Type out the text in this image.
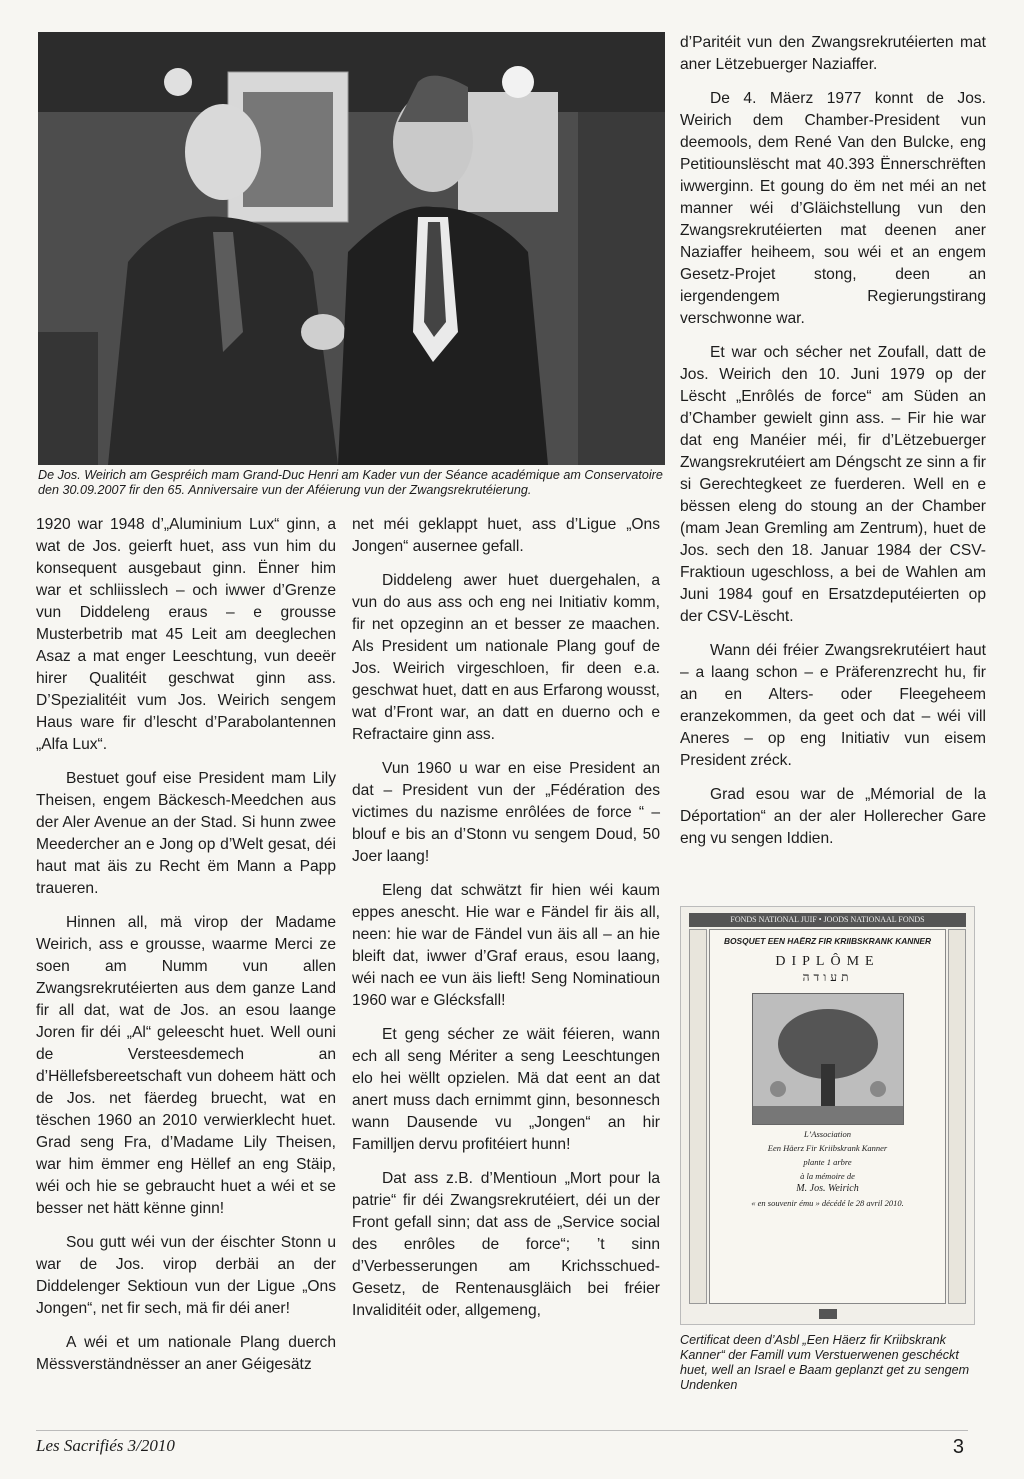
De Jos. Weirich am Gespréich mam Grand-Duc Henri am Kader vun der Séance académique am Conservatoire den 30.09.2007 fir den 65. Anniversaire vun der Aféierung vun der Zwangsrekrutéierung.

1920 war 1948 d’„Aluminium Lux“ ginn, a wat de Jos. geierft huet, ass vun him du konsequent ausgebaut ginn. Ënner him war et schliisslech – och iwwer d’Grenze vun Diddeleng eraus – e grousse Musterbetrib mat 45 Leit am deeglechen Asaz a mat enger Leeschtung, vun deeër hirer Qualitéit geschwat ginn ass. D’Spezialitéit vum Jos. Weirich sengem Haus ware fir d’lescht d’Parabolantennen „Alfa Lux“.

Bestuet gouf eise President mam Lily Theisen, engem Bäckesch-Meedchen aus der Aler Avenue an der Stad. Si hunn zwee Meedercher an e Jong op d’Welt gesat, déi haut mat äis zu Recht ëm Mann a Papp traueren.

Hinnen all, mä virop der Madame Weirich, ass e grousse, waarme Merci ze soen am Numm vun allen Zwangsrekrutéierten aus dem ganze Land fir all dat, wat de Jos. an esou laange Joren fir déi „Al“ geleescht huet. Well ouni de Versteesdemech an d’Hëllefsbereetschaft vun doheem hätt och de Jos. net fäerdeg bruecht, wat en tëschen 1960 an 2010 verwierklecht huet. Grad seng Fra, d’Madame Lily Theisen, war him ëmmer eng Hëllef an eng Stäip, wéi och hie se gebraucht huet a wéi et se besser net hätt kënne ginn!

Sou gutt wéi vun der éischter Stonn u war de Jos. virop derbäi an der Diddelenger Sektioun vun der Ligue „Ons Jongen“, net fir sech, mä fir déi aner!

A wéi et um nationale Plang duerch Mëssverständnësser an aner Géigesätz

net méi geklappt huet, ass d’Ligue „Ons Jongen“ ausernee gefall.

Diddeleng awer huet duergehalen, a vun do aus ass och eng nei Initiativ komm, fir net opzeginn an et besser ze maachen. Als President um nationale Plang gouf de Jos. Weirich virgeschloen, fir deen e.a. geschwat huet, datt en aus Erfarong wousst, wat d’Front war, an datt en duerno och e Refractaire ginn ass.

Vun 1960 u war en eise President an dat – President vun der „Fédération des victimes du nazisme enrôlées de force “ – blouf e bis an d’Stonn vu sengem Doud, 50 Joer laang!

Eleng dat schwätzt fir hien wéi kaum eppes anescht. Hie war e Fändel fir äis all, neen: hie war de Fändel vun äis all – an hie bleift dat, iwwer d’Graf eraus, esou laang, wéi nach ee vun äis lieft! Seng Nominatioun 1960 war e Glécksfall!

Et geng sécher ze wäit féieren, wann ech all seng Mériter a seng Leeschtungen elo hei wëllt opzielen. Mä dat eent an dat anert muss dach ernimmt ginn, besonnesch wann Dausende vu „Jongen“ an hir Familljen dervu profitéiert hunn!

Dat ass z.B. d’Mentioun „Mort pour la patrie“ fir déi Zwangsrekrutéiert, déi un der Front gefall sinn; dat ass de „Service social des enrôles de force“; ’t sinn d’Verbesserungen am Krichsschued-Gesetz, de Rentenausgläich bei fréier Invaliditéit oder, allgemeng,

d’Paritéit vun den Zwangsrekrutéierten mat aner Lëtzebuerger Naziaffer.

De 4. Mäerz 1977 konnt de Jos. Weirich dem Chamber-President vun deemools, dem René Van den Bulcke, eng Petitiounslëscht mat 40.393 Ënnerschrëften iwwerginn. Et goung do ëm net méi an net manner wéi d’Gläichstellung vun den Zwangsrekrutéierten mat deenen aner Naziaffer heiheem, sou wéi et an engem Gesetz-Projet stong, deen an iergendengem Regierungstirang verschwonne war.

Et war och sécher net Zoufall, datt de Jos. Weirich den 10. Juni 1979 op der Lëscht „Enrôlés de force“ am Süden an d’Chamber gewielt ginn ass. – Fir hie war dat eng Manéier méi, fir d’Lëtzebuerger Zwangsrekrutéiert am Déngscht ze sinn a fir si Gerechtegkeet ze fuerderen. Well en e bëssen eleng do stoung an der Chamber (mam Jean Gremling am Zentrum), huet de Jos. sech den 18. Januar 1984 der CSV-Fraktioun ugeschloss, a bei de Wahlen am Juni 1984 gouf en Ersatzdeputéierten op der CSV-Lëscht.

Wann déi fréier Zwangsrekrutéiert haut – a laang schon – e Präferenzrecht hu, fir an en Alters- oder Fleegeheem eranzekommen, da geet och dat – wéi vill Aneres – op eng Initiativ vun eisem President zréck.

Grad esou war de „Mémorial de la Déportation“ an der aler Hollerecher Gare eng vu sengen Iddien.

FONDS NATIONAL JUIF • JOODS NATIONAAL FONDS
BOSQUET EEN HAËRZ FIR KRIIBSKRANK KANNER
DIPLÔME
תעודה
L’Association
Een Häerz Fir Kriibskrank Kanner
plante 1 arbre
à la mémoire de
M. Jos. Weirich
« en souvenir ému » décédé le 28 avril 2010.
Certificat deen d’Asbl „Een Häerz fir Kriibskrank Kanner“ der Famill vum Verstuerwenen geschéckt huet, well an Israel e Baam geplanzt get zu sengem Undenken
Les Sacrifiés 3/2010	3
